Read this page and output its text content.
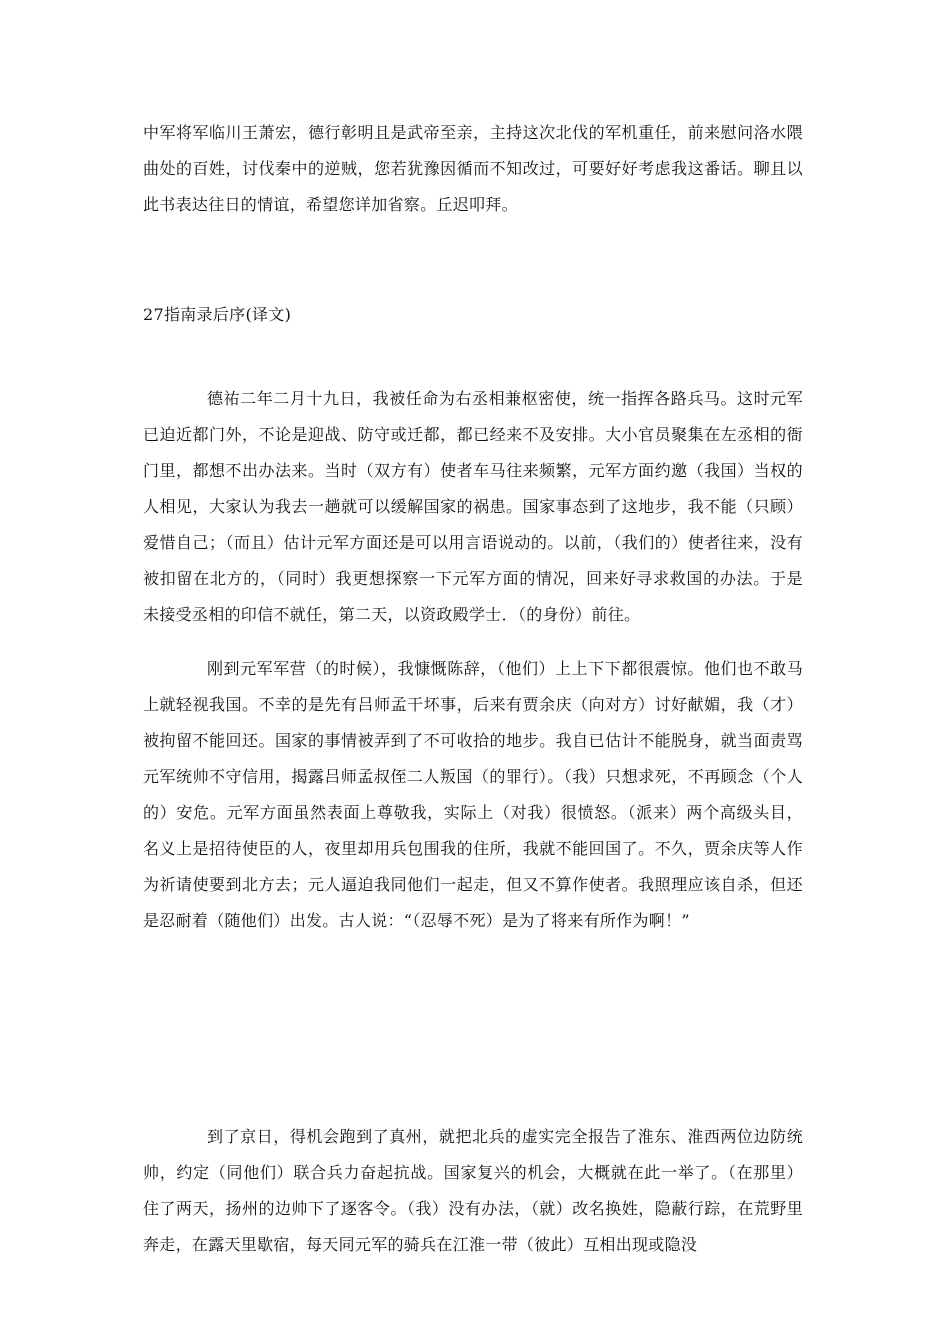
中军将军临川王萧宏，德行彰明且是武帝至亲，主持这次北伐的军机重任，前来慰问洛水隈曲处的百姓，讨伐秦中的逆贼，您若犹豫因循而不知改过，可要好好考虑我这番话。聊且以此书表达往日的情谊，希望您详加省察。丘迟叩拜。

27指南录后序(译文)

德祐二年二月十九日，我被任命为右丞相兼枢密使，统一指挥各路兵马。这时元军已迫近都门外，不论是迎战、防守或迁都，都已经来不及安排。大小官员聚集在左丞相的衙门里，都想不出办法来。当时（双方有）使者车马往来频繁，元军方面约邀（我国）当权的人相见，大家认为我去一趟就可以缓解国家的祸患。国家事态到了这地步，我不能（只顾）爱惜自己；（而且）估计元军方面还是可以用言语说动的。以前，（我们的）使者往来，没有被扣留在北方的，（同时）我更想探察一下元军方面的情况，回来好寻求救国的办法。于是未接受丞相的印信不就任，第二天，以资政殿学士．（的身份）前往。

刚到元军军营（的时候），我慷慨陈辞，（他们）上上下下都很震惊。他们也不敢马上就轻视我国。不幸的是先有吕师孟干坏事，后来有贾余庆（向对方）讨好献媚，我（才）被拘留不能回还。国家的事情被弄到了不可收拾的地步。我自已估计不能脱身，就当面责骂元军统帅不守信用，揭露吕师孟叔侄二人叛国（的罪行）。（我）只想求死，不再顾念（个人的）安危。元军方面虽然表面上尊敬我，实际上（对我）很愤怒。（派来）两个高级头目，名义上是招待使臣的人，夜里却用兵包围我的住所，我就不能回国了。不久，贾余庆等人作为祈请使要到北方去；元人逼迫我同他们一起走，但又不算作使者。我照理应该自杀，但还是忍耐着（随他们）出发。古人说：“（忍辱不死）是为了将来有所作为啊！”

到了京日，得机会跑到了真州，就把北兵的虚实完全报告了淮东、淮西两位边防统帅，约定（同他们）联合兵力奋起抗战。国家复兴的机会，大概就在此一举了。（在那里）住了两天，扬州的边帅下了逐客令。（我）没有办法，（就）改名换姓，隐蔽行踪，在荒野里奔走，在露天里歇宿，每天同元军的骑兵在江淮一带（彼此）互相出现或隐没
